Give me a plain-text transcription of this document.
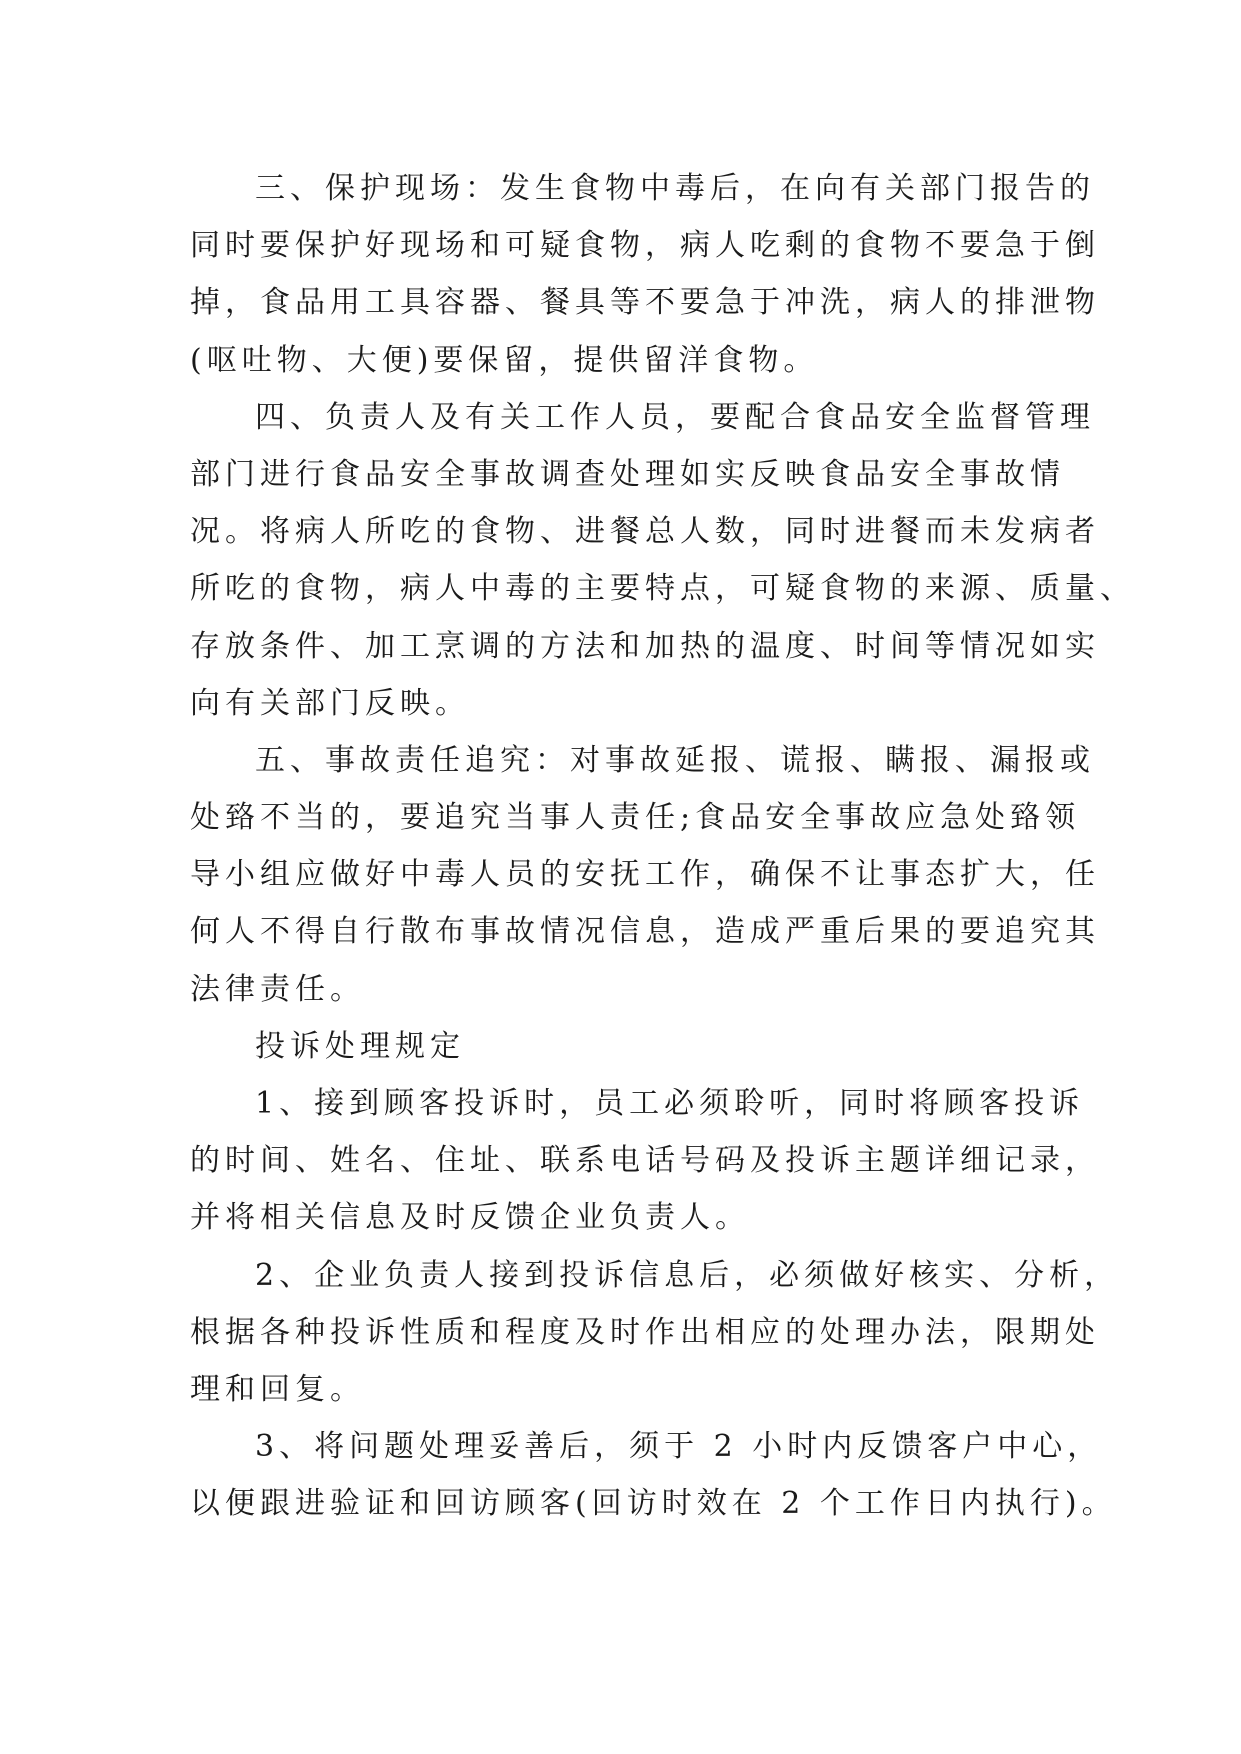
三、保护现场：发生食物中毒后，在向有关部门报告的
同时要保护好现场和可疑食物，病人吃剩的食物不要急于倒
掉，食品用工具容器、餐具等不要急于冲洗，病人的排泄物
(呕吐物、大便)要保留，提供留洋食物。
四、负责人及有关工作人员，要配合食品安全监督管理
部门进行食品安全事故调查处理如实反映食品安全事故情
况。将病人所吃的食物、进餐总人数，同时进餐而未发病者
所吃的食物，病人中毒的主要特点，可疑食物的来源、质量、
存放条件、加工烹调的方法和加热的温度、时间等情况如实
向有关部门反映。
五、事故责任追究：对事故延报、谎报、瞒报、漏报或
处臵不当的，要追究当事人责任;食品安全事故应急处臵领
导小组应做好中毒人员的安抚工作，确保不让事态扩大，任
何人不得自行散布事故情况信息，造成严重后果的要追究其
法律责任。
投诉处理规定
1、接到顾客投诉时，员工必须聆听，同时将顾客投诉
的时间、姓名、住址、联系电话号码及投诉主题详细记录，
并将相关信息及时反馈企业负责人。
2、企业负责人接到投诉信息后，必须做好核实、分析，
根据各种投诉性质和程度及时作出相应的处理办法，限期处
理和回复。
3、将问题处理妥善后，须于 2 小时内反馈客户中心，
以便跟进验证和回访顾客(回访时效在 2 个工作日内执行)。
